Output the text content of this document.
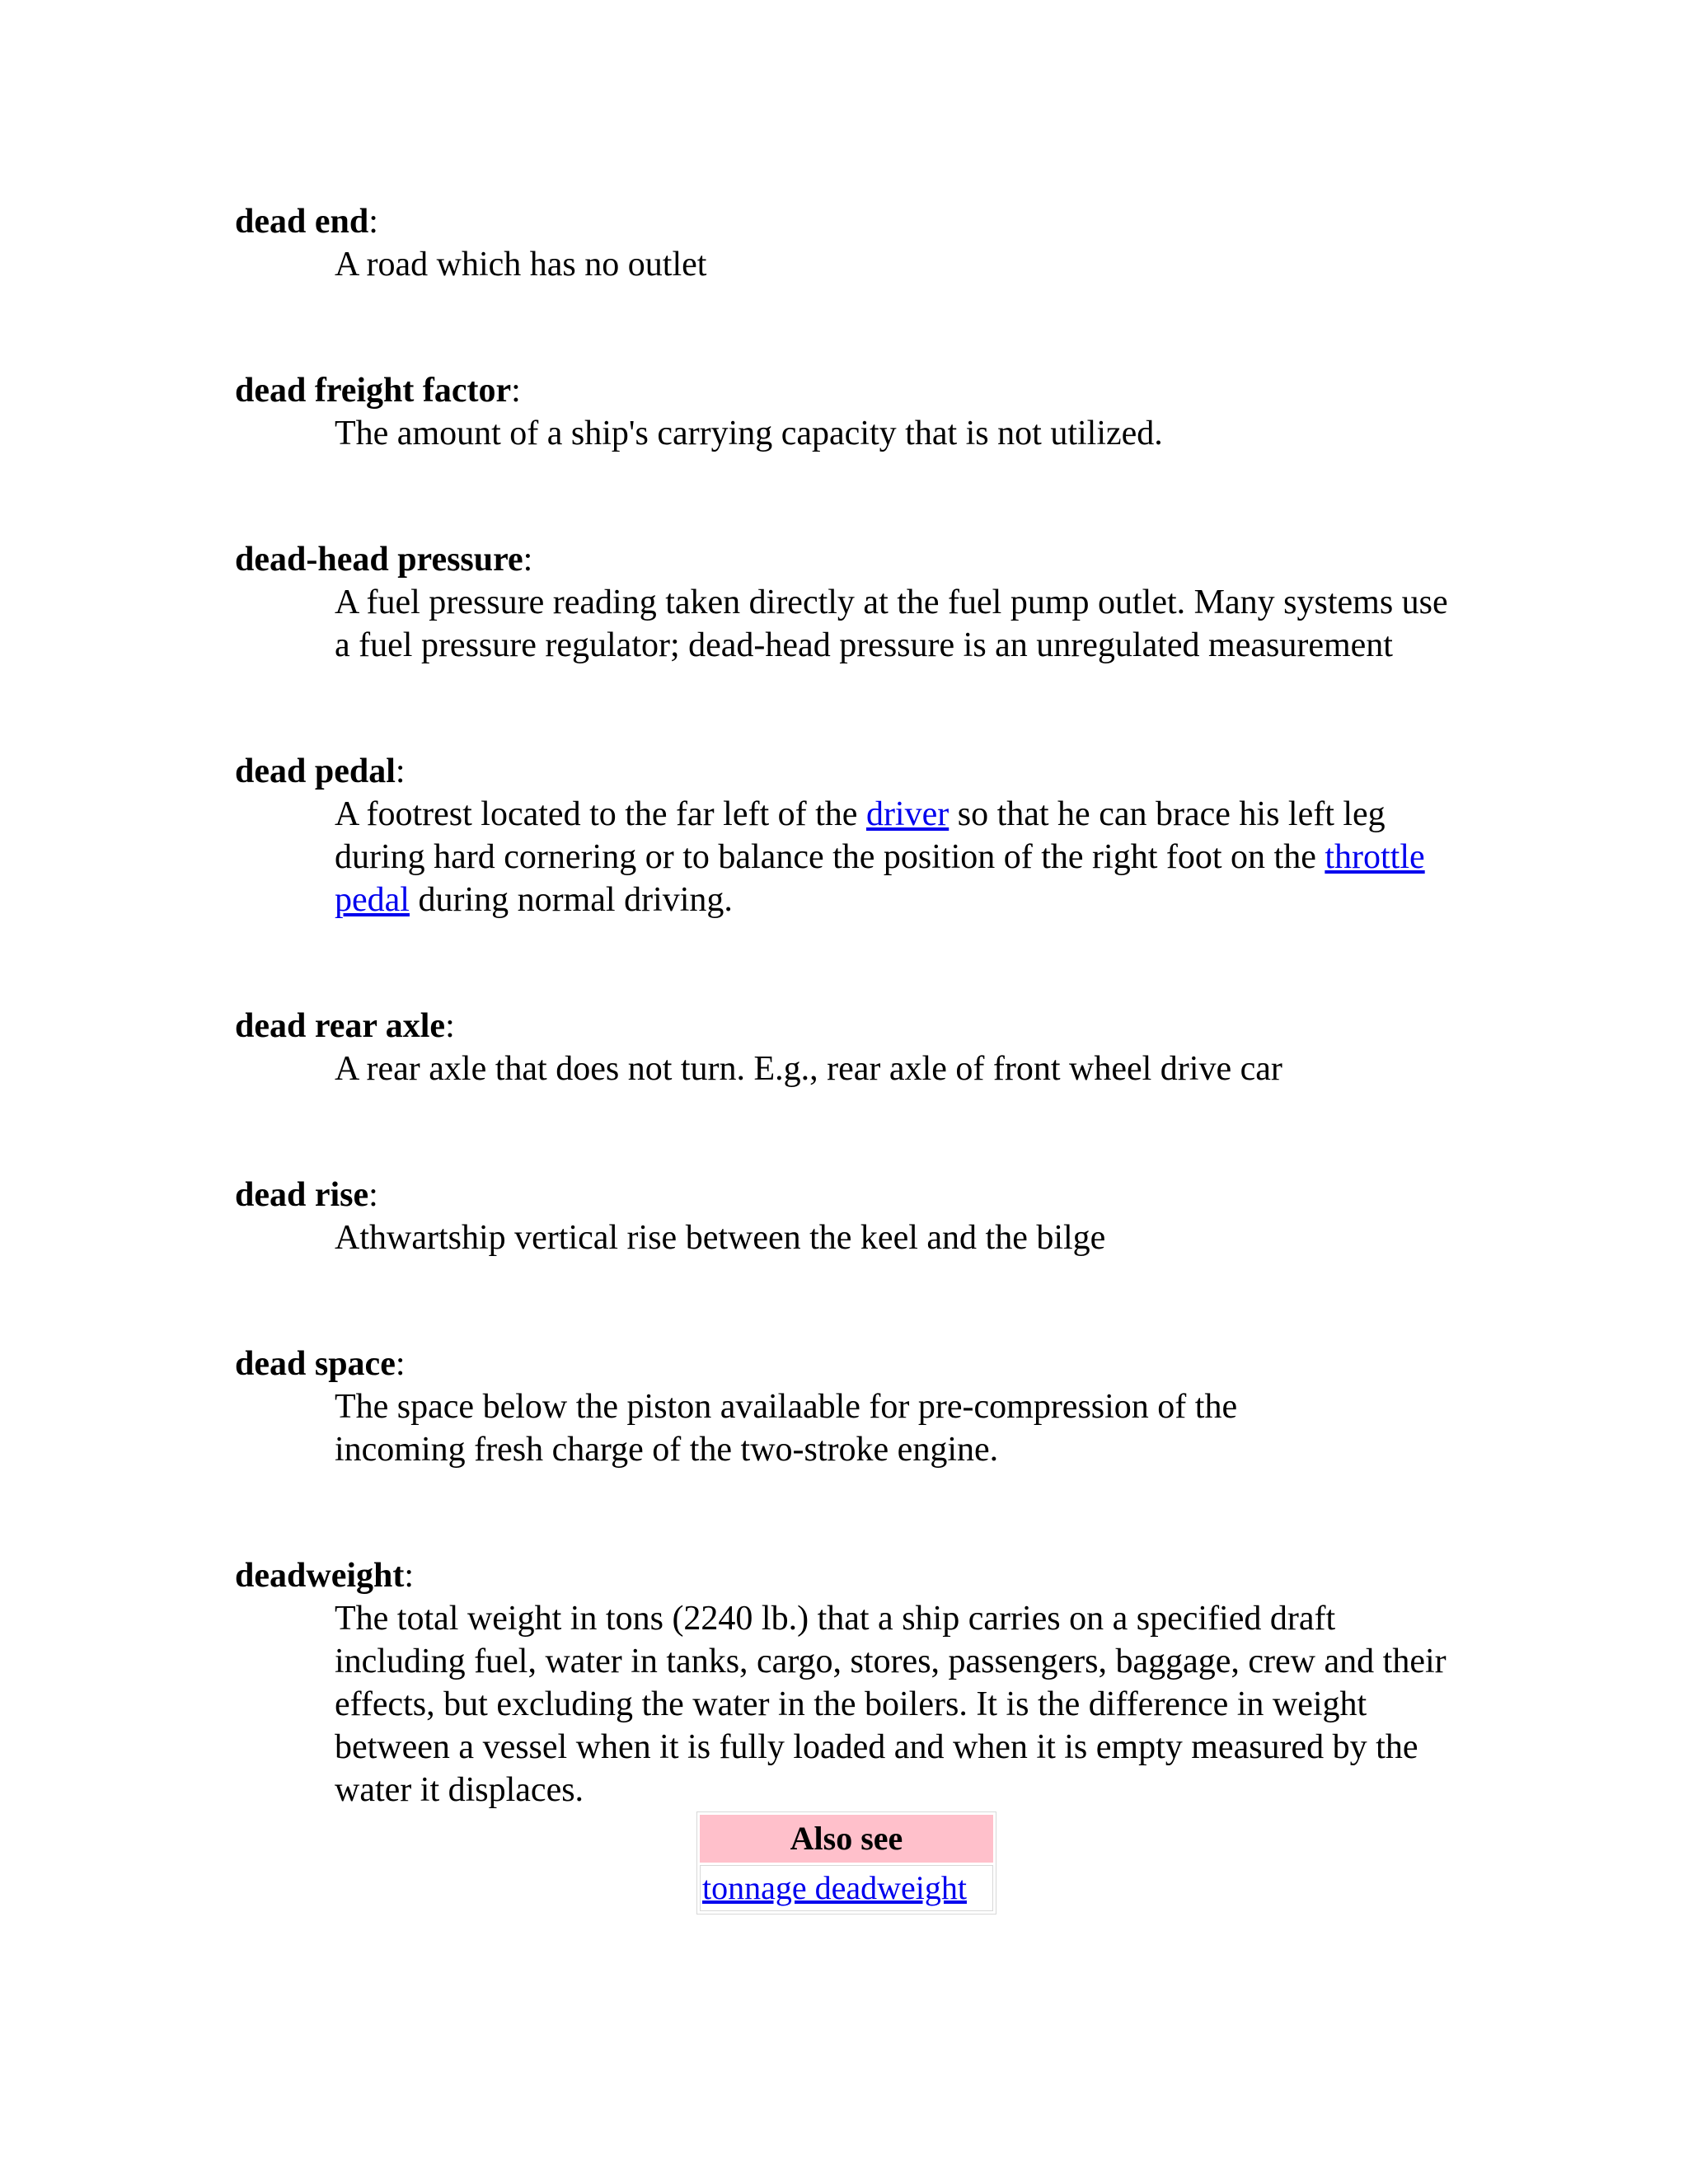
dead end:

A road which has no outlet

dead freight factor:

The amount of a ship's carrying capacity that is not utilized.

dead-head pressure:

A fuel pressure reading taken directly at the fuel pump outlet. Many systems use a fuel pressure regulator; dead-head pressure is an unregulated measurement

dead pedal:

A footrest located to the far left of the driver so that he can brace his left leg during hard cornering or to balance the position of the right foot on the throttle pedal during normal driving.

dead rear axle:

A rear axle that does not turn. E.g., rear axle of front wheel drive car

dead rise:

Athwartship vertical rise between the keel and the bilge

dead space:

The space below the piston availaable for pre-compression of the incoming fresh charge of the two-stroke engine.

deadweight:

The total weight in tons (2240 lb.) that a ship carries on a specified draft including fuel, water in tanks, cargo, stores, passengers, baggage, crew and their effects, but excluding the water in the boilers. It is the difference in weight between a vessel when it is fully loaded and when it is empty measured by the water it displaces.

Also see
tonnage deadweight
